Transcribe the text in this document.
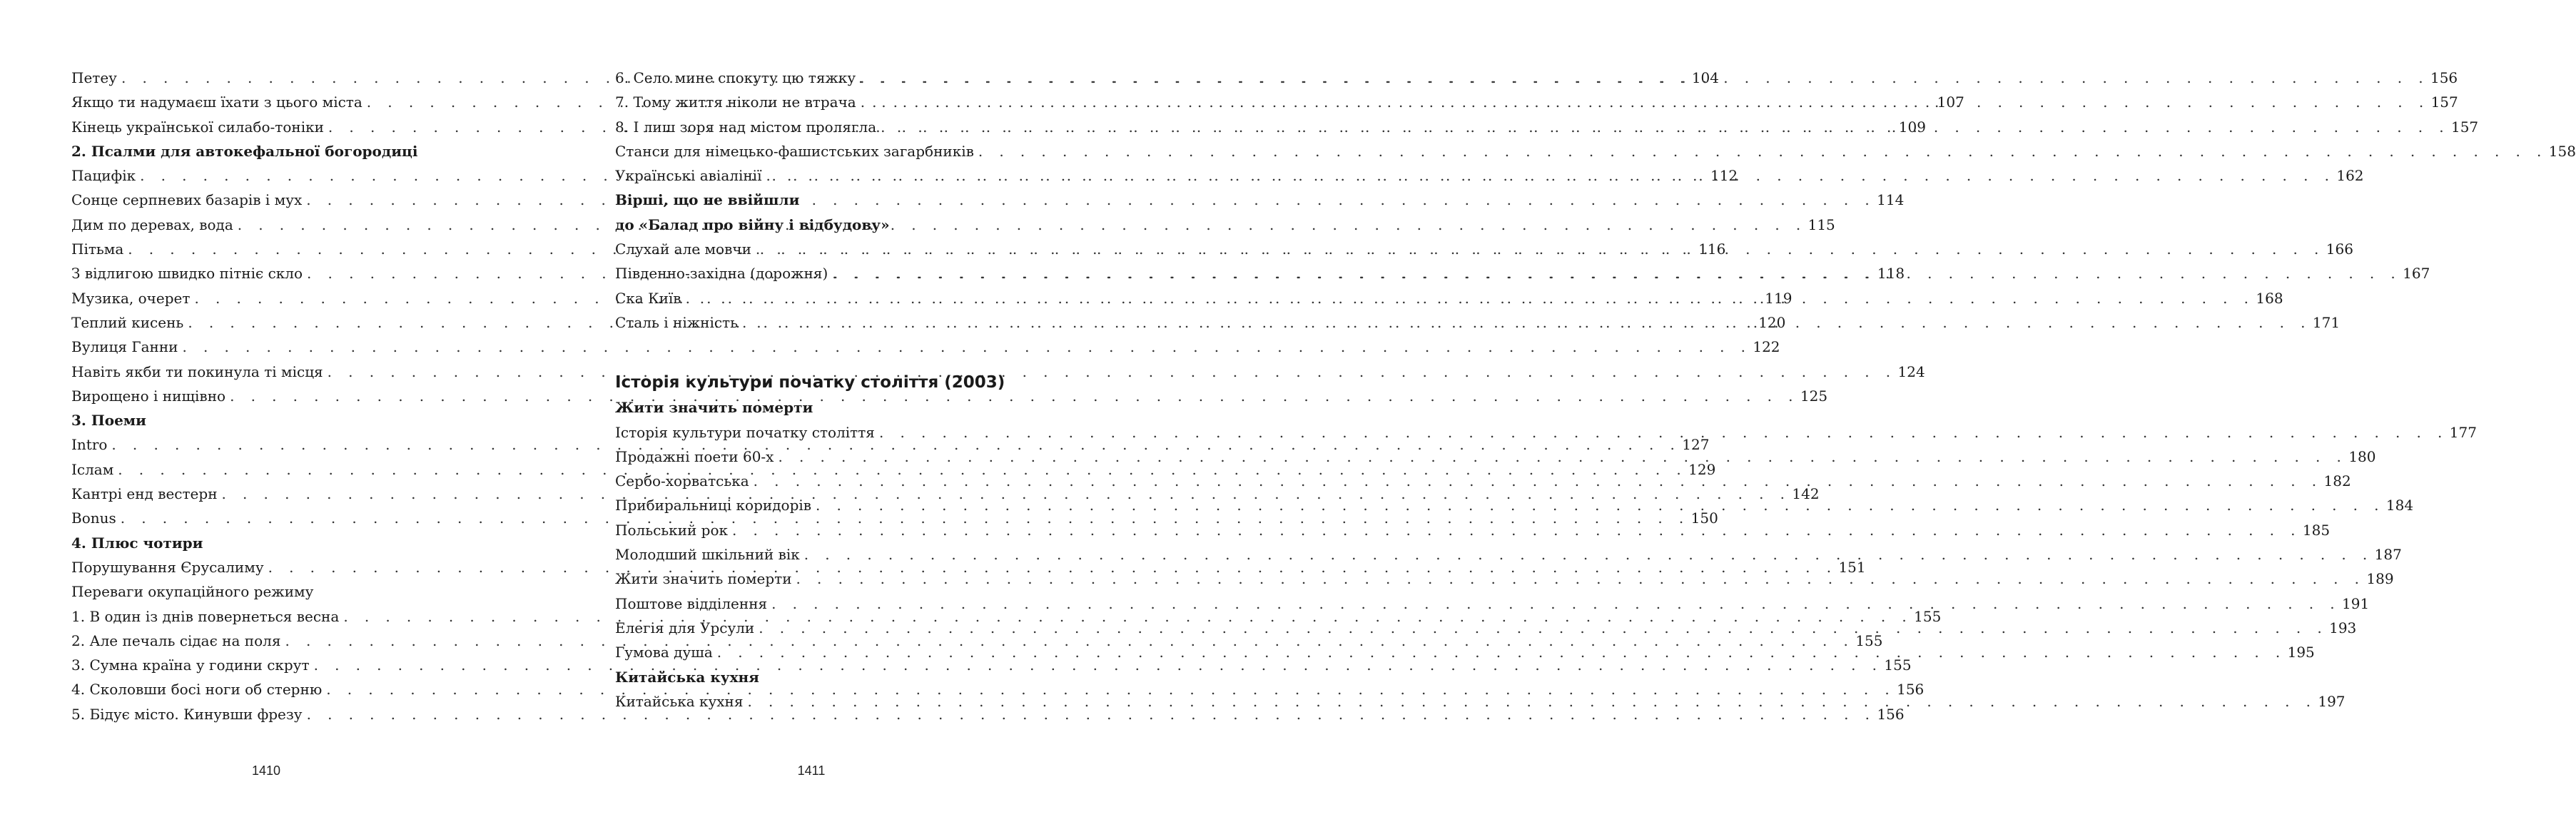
Петеу . . .	104
Якщо ти надумаєш їхати з цього міста . . .	107
Кінець української силабо-тоніки . . .	109
2. Псалми для автокефальної богородиці
Пацифік . . .	112
Сонце серпневих базарів і мух . . .	114
Дим по деревах, вода . . .	115
Пітьма . . .	116
З відлигою швидко пітніє скло . . .	118
Музика, очерет . . .	119
Теплий кисень . . .	120
Вулиця Ганни . . .	122
Навіть якби ти покинула ті місця . . .	124
Вирощено і нищівно . . .	125
3. Поеми
Intro . . .	127
Іслам . . .	129
Кантрі енд вестерн . . .	142
Bonus . . .	150
4. Плюс чотири
Порушування Єрусалиму . . .	151
Переваги окупаційного режиму
1. В один із днів повернеться весна . . .	155
2. Але печаль сідає на поля . . .	155
3. Сумна країна у години скрут . . .	155
4. Сколовши босі ноги об стерню . . .	156
5. Бідує місто. Кинувши фрезу . . .	156
6. Село мине спокуту цю тяжку . . .	156
7. Тому життя ніколи не втрача . . .	157
8. І лиш зоря над містом пролягла . . .	157
Станси для німецько-фашистських загарбників . . .	158
Українські авіалінії . . .	162
Вірші, що не ввійшли
до «Балад про війну і відбудову»
Слухай але мовчи . . .	166
Південно-західна (дорожня) . . .	167
Ска Київ . . .	168
Сталь і ніжність . . .	171
Історія культури початку століття (2003)
Жити значить померти
Історія культури початку століття . . .	177
Продажні поети 60-х . . .	180
Сербо-хорватська . . .	182
Прибиральниці коридорів . . .	184
Польський рок . . .	185
Молодший шкільний вік . . .	187
Жити значить померти . . .	189
Поштове відділення . . .	191
Елегія для Урсули . . .	193
Гумова душа . . .	195
Китайська кухня
Китайська кухня . . .	197
1410	1411
